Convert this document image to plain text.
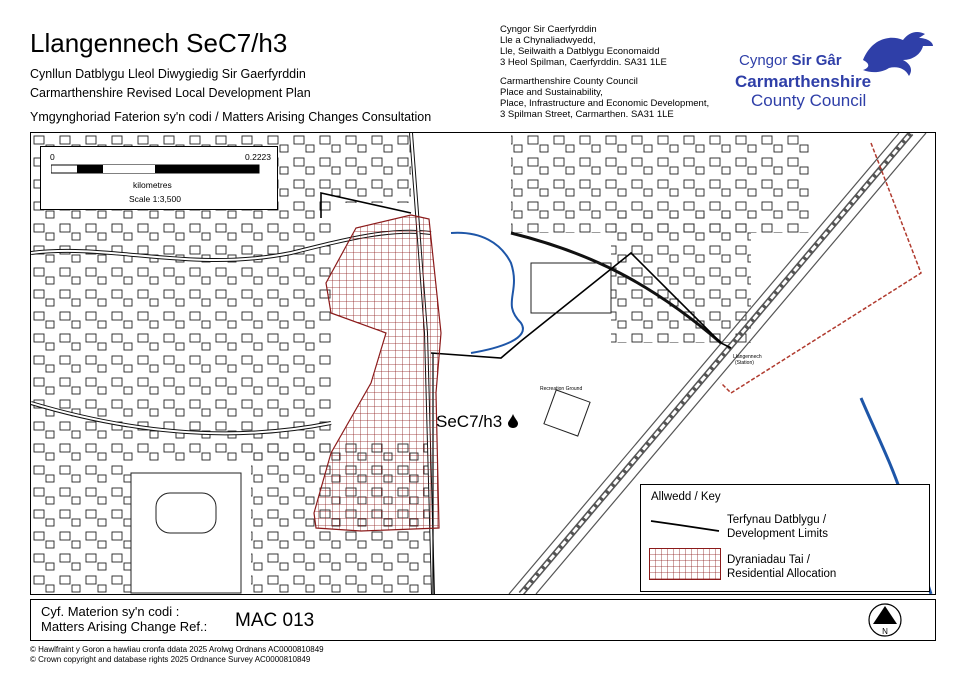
Llangennech SeC7/h3
Cynllun Datblygu Lleol Diwygiedig Sir Gaerfyrddin
Carmarthenshire Revised Local Development Plan
Ymgynghoriad Faterion sy'n codi / Matters Arising Changes Consultation
Cyngor Sir Caerfyrddin
Lle a Chynaliadwyedd,
Lle, Seilwaith a Datblygu Economaidd
3 Heol Spilman, Caerfyrddin. SA31 1LE
Carmarthenshire County Council
Place and Sustainability,
Place, Infrastructure and Economic Development,
3 Spilman Street, Carmarthen. SA31 1LE
Cyngor Sir Gâr
Carmarthenshire
County Council
Recreation Ground
Llangennech (Station)
SeC7/h3
0	0.2223
kilometres
Scale 1:3,500
Allwedd / Key
Terfynau Datblygu /
Development Limits
Dyraniadau Tai /
Residential Allocation
Cyf. Materion sy'n codi :
Matters Arising Change Ref.: MAC 013
N
© Hawlfraint y Goron a hawliau cronfa ddata 2025 Arolwg Ordnans AC0000810849
© Crown copyright and database rights 2025 Ordnance Survey AC0000810849
